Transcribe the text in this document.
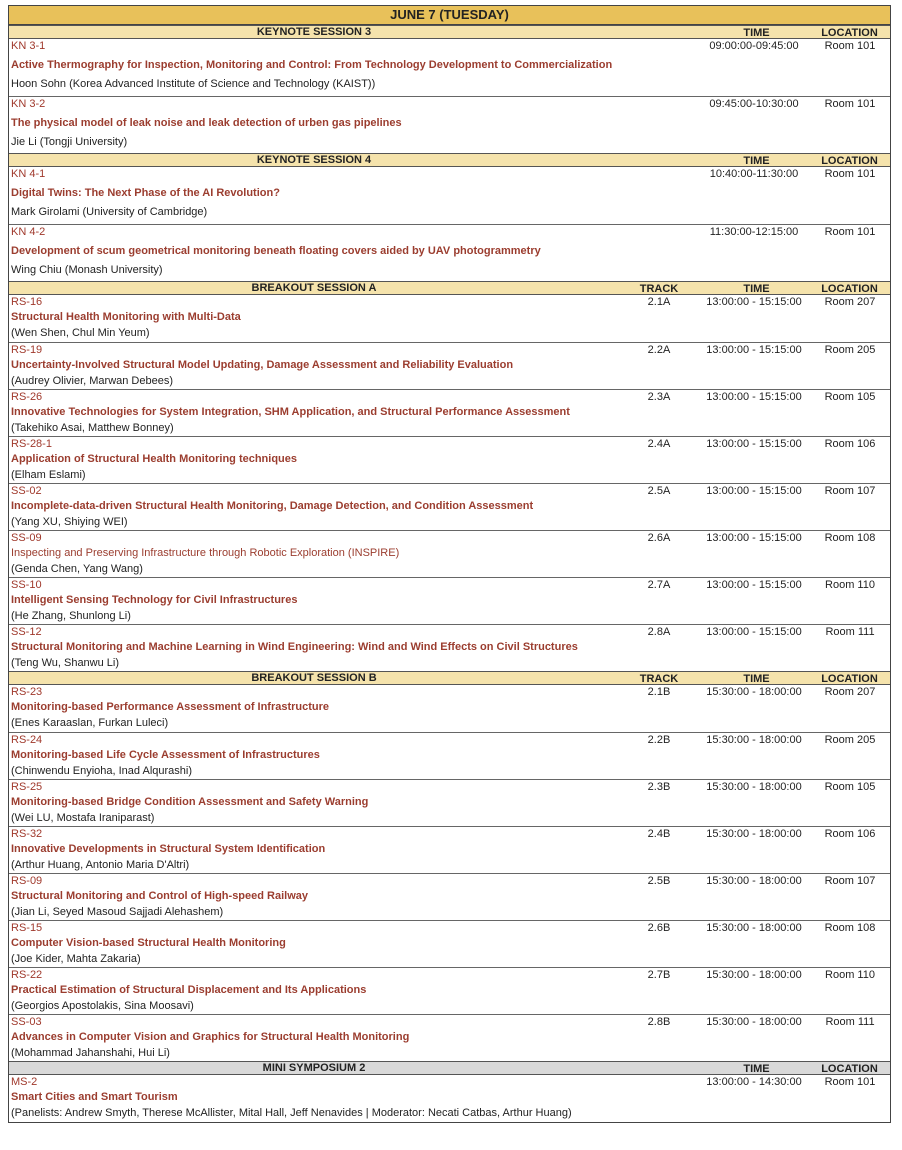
JUNE 7 (TUESDAY)
KEYNOTE SESSION 3	TIME	LOCATION
KN 3-1
Active Thermography for Inspection, Monitoring and Control: From Technology Development to Commercialization
Hoon Sohn (Korea Advanced Institute of Science and Technology (KAIST))
09:00:00-09:45:00	Room 101
KN 3-2
The physical model of leak noise and leak detection of urben gas pipelines
Jie Li (Tongji University)
09:45:00-10:30:00	Room 101
KEYNOTE SESSION 4	TIME	LOCATION
KN 4-1
Digital Twins: The Next Phase of the AI Revolution?
Mark Girolami (University of Cambridge)
10:40:00-11:30:00	Room 101
KN 4-2
Development of scum geometrical monitoring beneath floating covers aided by UAV photogrammetry
Wing Chiu (Monash University)
11:30:00-12:15:00	Room 101
BREAKOUT SESSION A	TRACK	TIME	LOCATION
RS-16
Structural Health Monitoring with Multi-Data
(Wen Shen, Chul Min Yeum)
2.1A	13:00:00 - 15:15:00	Room 207
RS-19
Uncertainty-Involved Structural Model Updating, Damage Assessment and Reliability Evaluation
(Audrey Olivier, Marwan Debees)
2.2A	13:00:00 - 15:15:00	Room 205
RS-26
Innovative Technologies for System Integration, SHM Application, and Structural Performance Assessment
(Takehiko Asai, Matthew Bonney)
2.3A	13:00:00 - 15:15:00	Room 105
RS-28-1
Application of Structural Health Monitoring techniques
(Elham Eslami)
2.4A	13:00:00 - 15:15:00	Room 106
SS-02
Incomplete-data-driven Structural Health Monitoring, Damage Detection, and Condition Assessment
(Yang XU, Shiying WEI)
2.5A	13:00:00 - 15:15:00	Room 107
SS-09
Inspecting and Preserving Infrastructure through Robotic Exploration (INSPIRE)
(Genda Chen, Yang Wang)
2.6A	13:00:00 - 15:15:00	Room 108
SS-10
Intelligent Sensing Technology for Civil Infrastructures
(He Zhang, Shunlong Li)
2.7A	13:00:00 - 15:15:00	Room 110
SS-12
Structural Monitoring and Machine Learning in Wind Engineering: Wind and Wind Effects on Civil Structures
(Teng Wu, Shanwu Li)
2.8A	13:00:00 - 15:15:00	Room 111
BREAKOUT SESSION B	TRACK	TIME	LOCATION
RS-23
Monitoring-based Performance Assessment of Infrastructure
(Enes Karaaslan, Furkan Luleci)
2.1B	15:30:00 - 18:00:00	Room 207
RS-24
Monitoring-based Life Cycle Assessment of Infrastructures
(Chinwendu Enyioha, Inad Alqurashi)
2.2B	15:30:00 - 18:00:00	Room 205
RS-25
Monitoring-based Bridge Condition Assessment and Safety Warning
(Wei LU, Mostafa Iraniparast)
2.3B	15:30:00 - 18:00:00	Room 105
RS-32
Innovative Developments in Structural System Identification
(Arthur Huang, Antonio Maria D'Altri)
2.4B	15:30:00 - 18:00:00	Room 106
RS-09
Structural Monitoring and Control of High-speed Railway
(Jian Li, Seyed Masoud Sajjadi Alehashem)
2.5B	15:30:00 - 18:00:00	Room 107
RS-15
Computer Vision-based Structural Health Monitoring
(Joe Kider, Mahta Zakaria)
2.6B	15:30:00 - 18:00:00	Room 108
RS-22
Practical Estimation of Structural Displacement and Its Applications
(Georgios Apostolakis, Sina Moosavi)
2.7B	15:30:00 - 18:00:00	Room 110
SS-03
Advances in Computer Vision and Graphics for Structural Health Monitoring
(Mohammad Jahanshahi, Hui Li)
2.8B	15:30:00 - 18:00:00	Room 111
MINI SYMPOSIUM 2	TIME	LOCATION
MS-2
Smart Cities and Smart Tourism
(Panelists: Andrew Smyth, Therese McAllister, Mital Hall, Jeff Nenavides | Moderator: Necati Catbas, Arthur Huang)
13:00:00 - 14:30:00	Room 101
